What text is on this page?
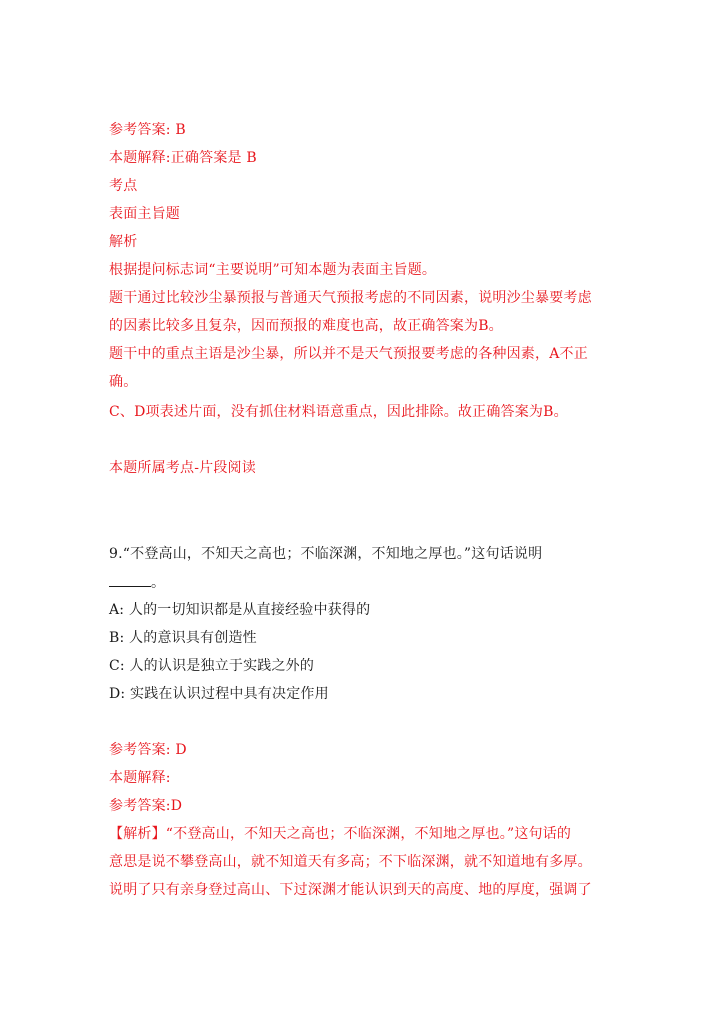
参考答案: B
本题解释:正确答案是 B
考点
表面主旨题
解析
根据提问标志词“主要说明”可知本题为表面主旨题。
题干通过比较沙尘暴预报与普通天气预报考虑的不同因素，说明沙尘暴要考虑
的因素比较多且复杂，因而预报的难度也高，故正确答案为B。
题干中的重点主语是沙尘暴，所以并不是天气预报要考虑的各种因素，A不正
确。
C、D项表述片面，没有抓住材料语意重点，因此排除。故正确答案为B。
本题所属考点-片段阅读
9.“不登高山，不知天之高也；不临深渊，不知地之厚也。”这句话说明
。
A: 人的一切知识都是从直接经验中获得的
B: 人的意识具有创造性
C: 人的认识是独立于实践之外的
D: 实践在认识过程中具有决定作用
参考答案: D
本题解释:
参考答案:D
【解析】“不登高山，不知天之高也；不临深渊，不知地之厚也。”这句话的
意思是说不攀登高山，就不知道天有多高；不下临深渊，就不知道地有多厚。
说明了只有亲身登过高山、下过深渊才能认识到天的高度、地的厚度，强调了
